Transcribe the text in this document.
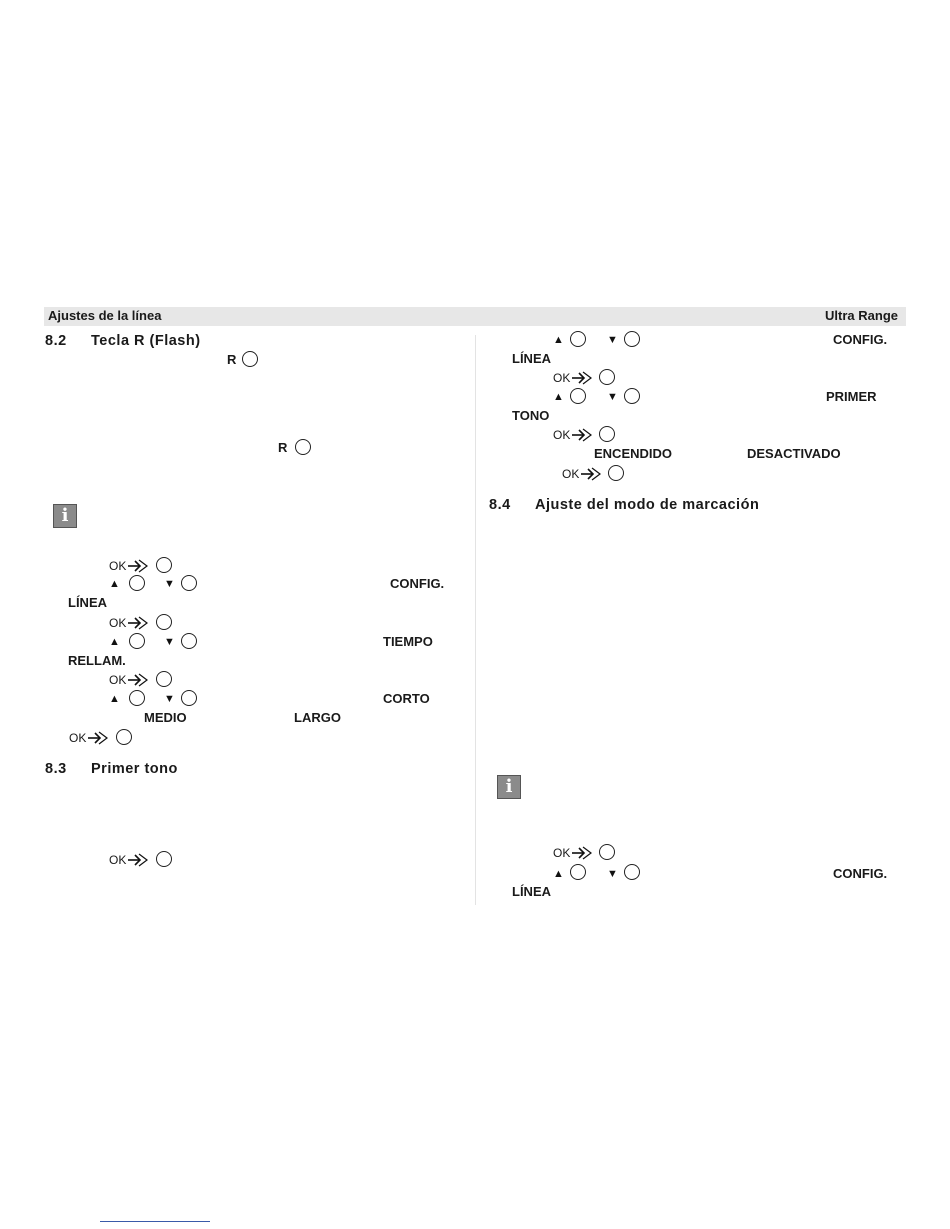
Ajustes de la línea	Ultra Range
8.2 Tecla R (Flash)
R
R
i
OK
▲	▼	CONFIG.
LÍNEA
OK
▲	▼	TIEMPO
RELLAM.
OK
▲	▼	CORTO
MEDIO	LARGO
OK
8.3 Primer tono
OK
▲	▼	CONFIG.
LÍNEA
OK
▲	▼	PRIMER
TONO
OK
ENCENDIDO	DESACTIVADO
OK
8.4 Ajuste del modo de marcación
i
OK
▲	▼	CONFIG.
LÍNEA
